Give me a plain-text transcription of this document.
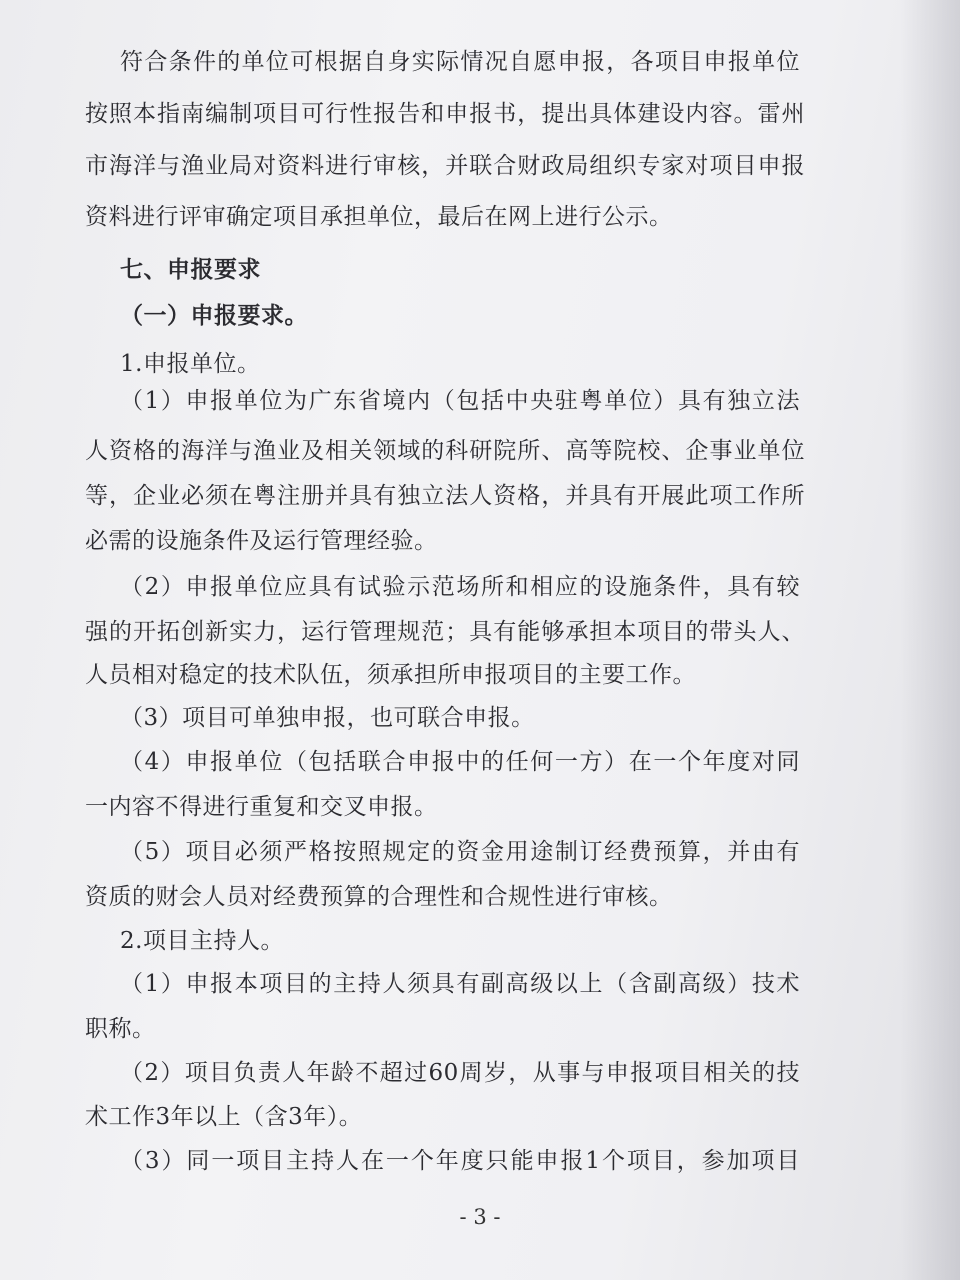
符合条件的单位可根据自身实际情况自愿申报，各项目申报单位
按照本指南编制项目可行性报告和申报书，提出具体建设内容。雷州
市海洋与渔业局对资料进行审核，并联合财政局组织专家对项目申报
资料进行评审确定项目承担单位，最后在网上进行公示。
七、申报要求
（一）申报要求。
1.申报单位。
（1）申报单位为广东省境内（包括中央驻粤单位）具有独立法
人资格的海洋与渔业及相关领域的科研院所、高等院校、企事业单位
等，企业必须在粤注册并具有独立法人资格，并具有开展此项工作所
必需的设施条件及运行管理经验。
（2）申报单位应具有试验示范场所和相应的设施条件，具有较
强的开拓创新实力，运行管理规范；具有能够承担本项目的带头人、
人员相对稳定的技术队伍，须承担所申报项目的主要工作。
（3）项目可单独申报，也可联合申报。
（4）申报单位（包括联合申报中的任何一方）在一个年度对同
一内容不得进行重复和交叉申报。
（5）项目必须严格按照规定的资金用途制订经费预算，并由有
资质的财会人员对经费预算的合理性和合规性进行审核。
2.项目主持人。
（1）申报本项目的主持人须具有副高级以上（含副高级）技术
职称。
（2）项目负责人年龄不超过60周岁，从事与申报项目相关的技
术工作3年以上（含3年）。
（3）同一项目主持人在一个年度只能申报1个项目，参加项目
- 3 -
